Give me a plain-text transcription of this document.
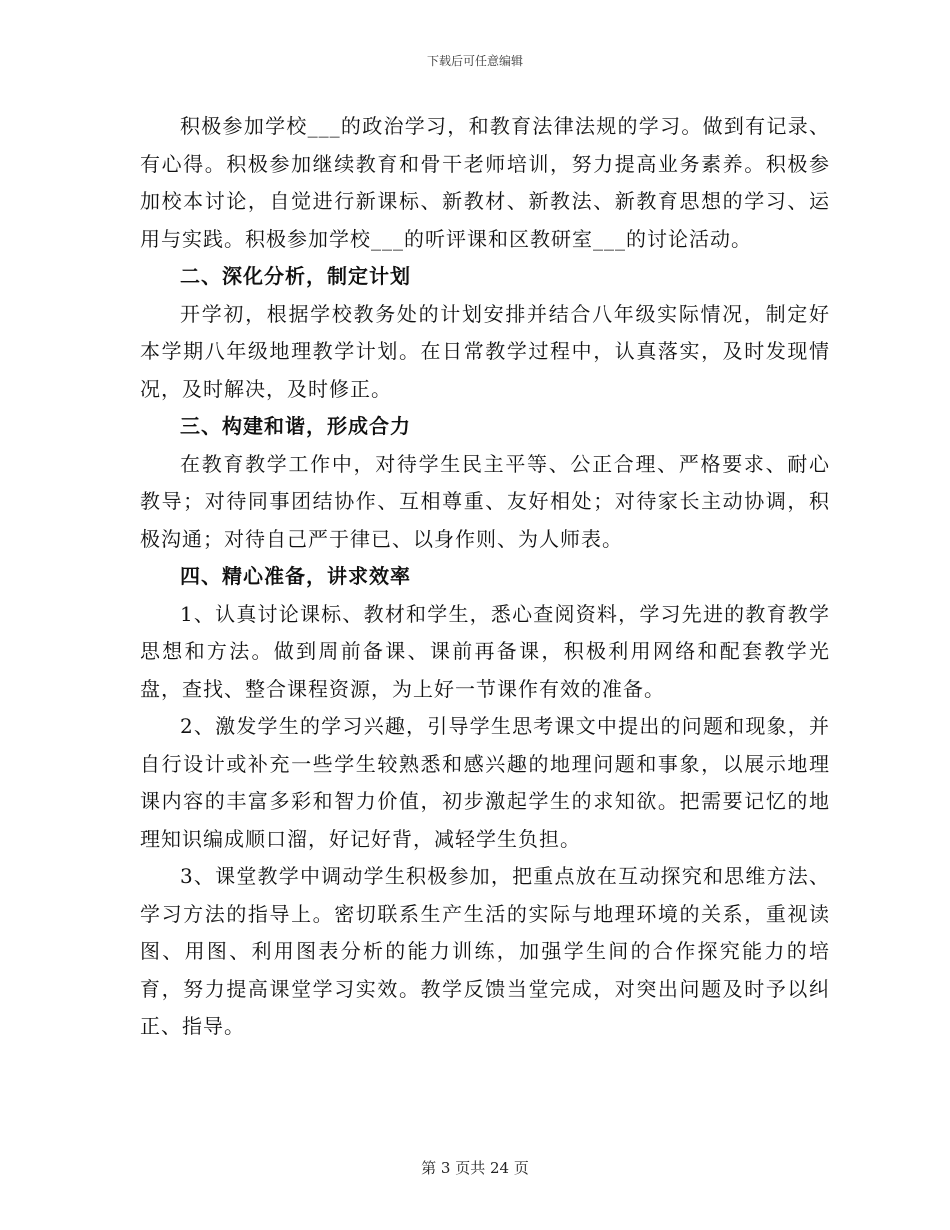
下载后可任意编辑

积极参加学校___的政治学习，和教育法律法规的学习。做到有记录、有心得。积极参加继续教育和骨干老师培训，努力提高业务素养。积极参加校本讨论，自觉进行新课标、新教材、新教法、新教育思想的学习、运用与实践。积极参加学校___的听评课和区教研室___的讨论活动。

二、深化分析，制定计划

开学初，根据学校教务处的计划安排并结合八年级实际情况，制定好本学期八年级地理教学计划。在日常教学过程中，认真落实，及时发现情况，及时解决，及时修正。

三、构建和谐，形成合力

在教育教学工作中，对待学生民主平等、公正合理、严格要求、耐心教导；对待同事团结协作、互相尊重、友好相处；对待家长主动协调，积极沟通；对待自己严于律已、以身作则、为人师表。

四、精心准备，讲求效率

1、认真讨论课标、教材和学生，悉心查阅资料，学习先进的教育教学思想和方法。做到周前备课、课前再备课，积极利用网络和配套教学光盘，查找、整合课程资源，为上好一节课作有效的准备。

2、激发学生的学习兴趣，引导学生思考课文中提出的问题和现象，并自行设计或补充一些学生较熟悉和感兴趣的地理问题和事象，以展示地理课内容的丰富多彩和智力价值，初步激起学生的求知欲。把需要记忆的地理知识编成顺口溜，好记好背，减轻学生负担。

3、课堂教学中调动学生积极参加，把重点放在互动探究和思维方法、学习方法的指导上。密切联系生产生活的实际与地理环境的关系，重视读图、用图、利用图表分析的能力训练，加强学生间的合作探究能力的培育，努力提高课堂学习实效。教学反馈当堂完成，对突出问题及时予以纠正、指导。

第 3 页共 24 页
